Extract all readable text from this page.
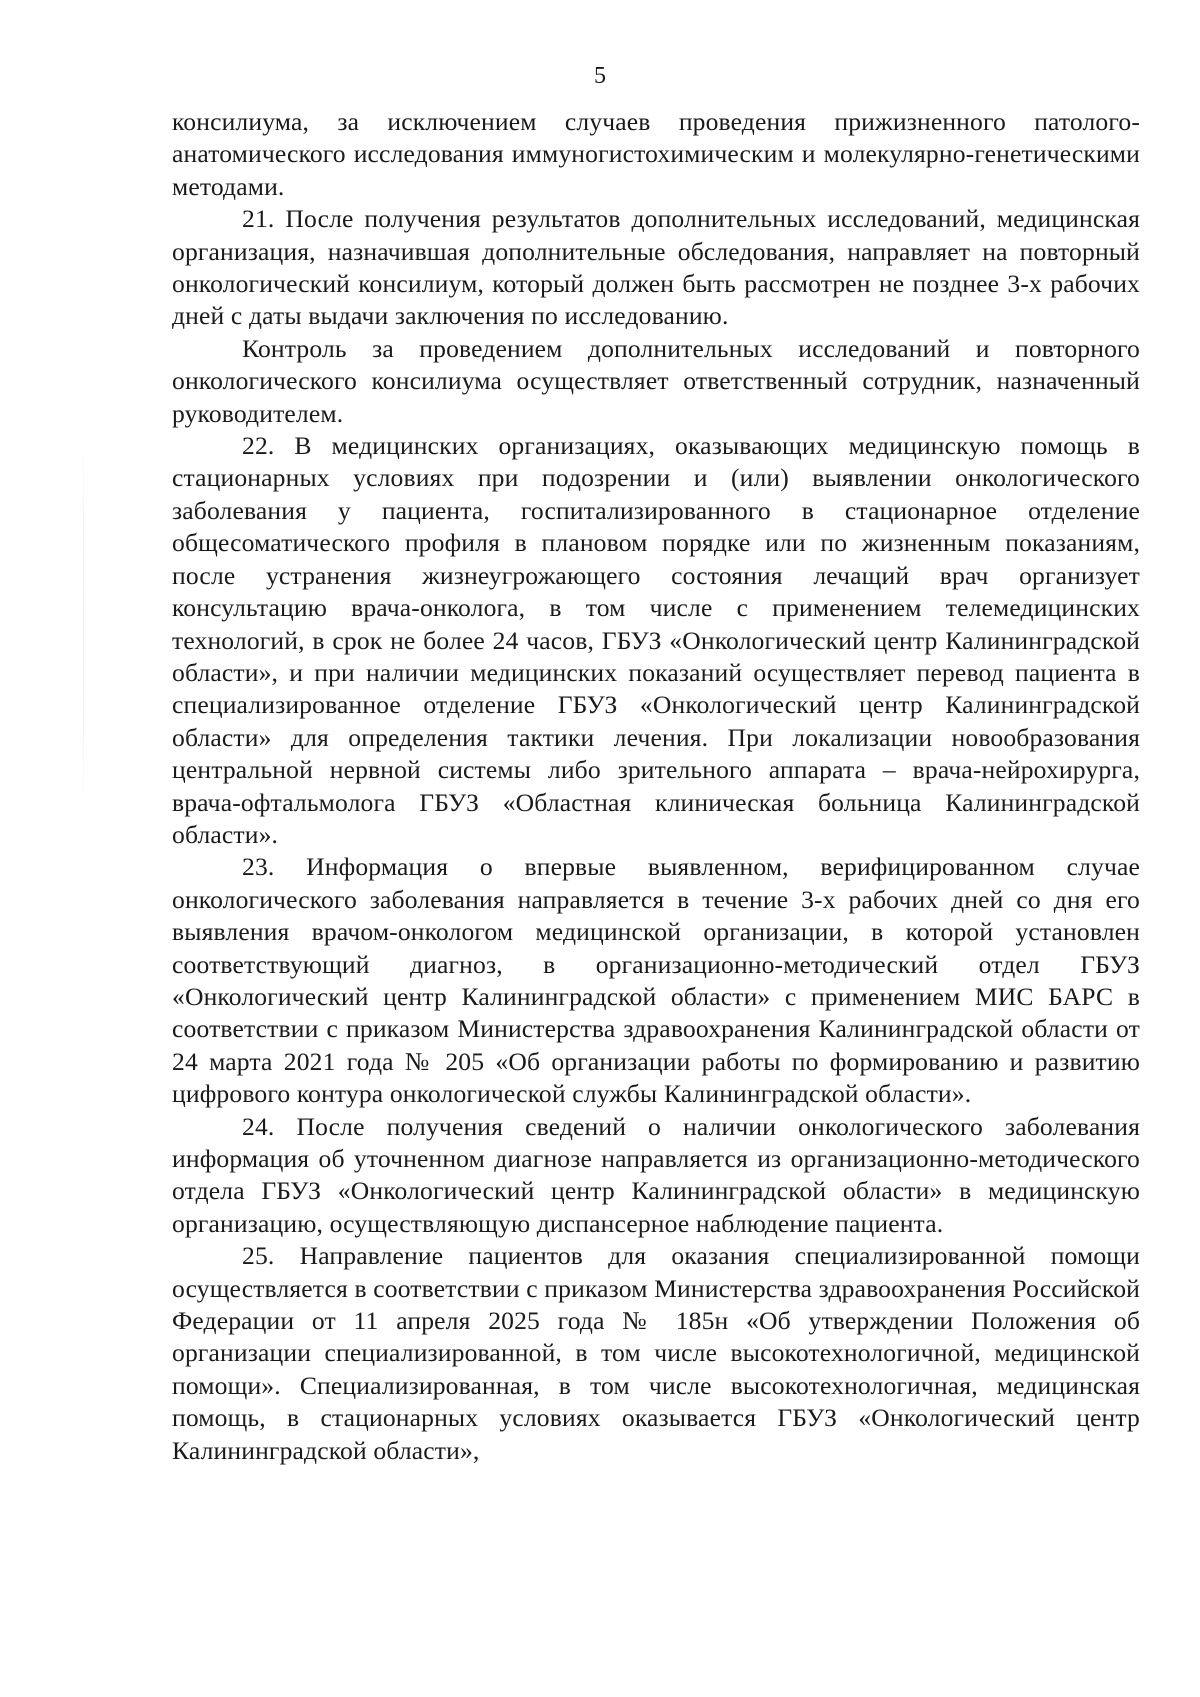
5

консилиума, за исключением случаев проведения прижизненного патолого-анатомического исследования иммуногистохимическим и молекулярно-генетическими методами.

21. После получения результатов дополнительных исследований, медицинская организация, назначившая дополнительные обследования, направляет на повторный онкологический консилиум, который должен быть рассмотрен не позднее 3-х рабочих дней с даты выдачи заключения по исследованию.

Контроль за проведением дополнительных исследований и повторного онкологического консилиума осуществляет ответственный сотрудник, назначенный руководителем.

22. В медицинских организациях, оказывающих медицинскую помощь в стационарных условиях при подозрении и (или) выявлении онкологического заболевания у пациента, госпитализированного в стационарное отделение общесоматического профиля в плановом порядке или по жизненным показаниям, после устранения жизнеугрожающего состояния лечащий врач организует консультацию врача-онколога, в том числе с применением телемедицинских технологий, в срок не более 24 часов, ГБУЗ «Онкологический центр Калининградской области», и при наличии медицинских показаний осуществляет перевод пациента в специализированное отделение ГБУЗ «Онкологический центр Калининградской области» для определения тактики лечения. При локализации новообразования центральной нервной системы либо зрительного аппарата – врача-нейрохирурга, врача-офтальмолога ГБУЗ «Областная клиническая больница Калининградской области».

23. Информация о впервые выявленном, верифицированном случае онкологического заболевания направляется в течение 3-х рабочих дней со дня его выявления врачом-онкологом медицинской организации, в которой установлен соответствующий диагноз, в организационно-методический отдел ГБУЗ «Онкологический центр Калининградской области» с применением МИС БАРС в соответствии с приказом Министерства здравоохранения Калининградской области от 24 марта 2021 года № 205 «Об организации работы по формированию и развитию цифрового контура онкологической службы Калининградской области».

24. После получения сведений о наличии онкологического заболевания информация об уточненном диагнозе направляется из организационно-методического отдела ГБУЗ «Онкологический центр Калининградской области» в медицинскую организацию, осуществляющую диспансерное наблюдение пациента.

25. Направление пациентов для оказания специализированной помощи осуществляется в соответствии с приказом Министерства здравоохранения Российской Федерации от 11 апреля 2025 года № 185н «Об утверждении Положения об организации специализированной, в том числе высокотехнологичной, медицинской помощи». Специализированная, в том числе высокотехнологичная, медицинская помощь, в стационарных условиях оказывается ГБУЗ «Онкологический центр Калининградской области»,
